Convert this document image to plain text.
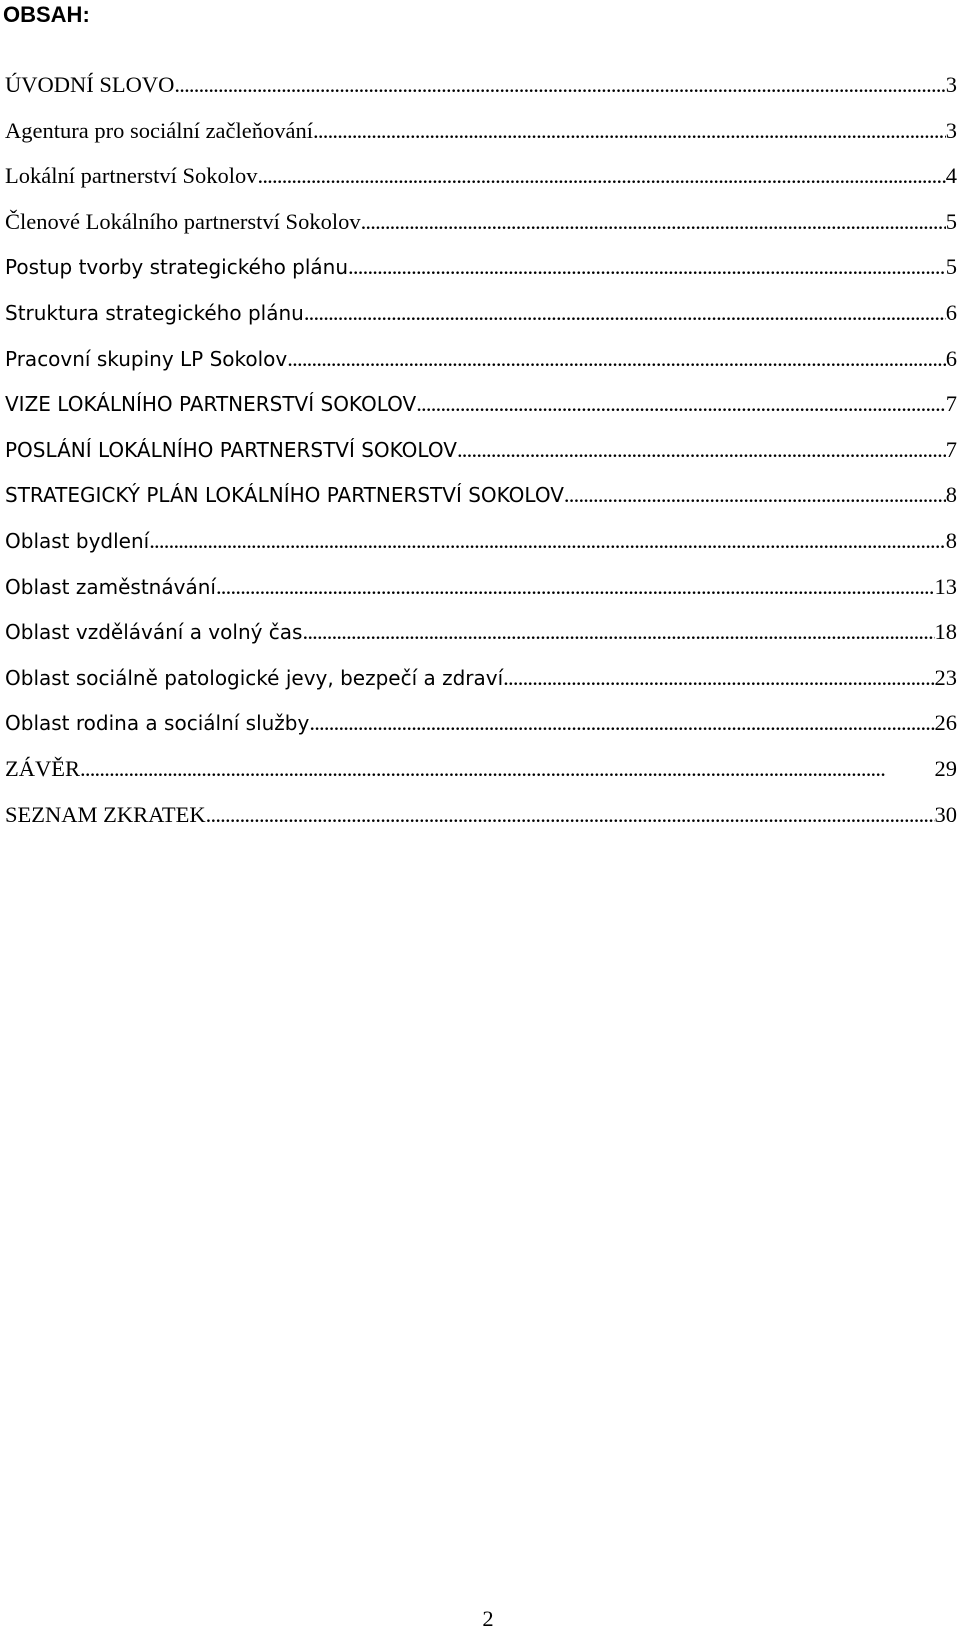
OBSAH:
ÚVODNÍ SLOVO . . .	3
Agentura pro sociální začleňování . . .	3
Lokální partnerství Sokolov . . .	4
Členové Lokálního partnerství Sokolov . . .	5
Postup tvorby strategického plánu . . .	5
Struktura strategického plánu . . .	6
Pracovní skupiny LP Sokolov . . .	6
VIZE LOKÁLNÍHO PARTNERSTVÍ SOKOLOV . . .	7
POSLÁNÍ LOKÁLNÍHO PARTNERSTVÍ SOKOLOV . . .	7
STRATEGICKÝ PLÁN LOKÁLNÍHO PARTNERSTVÍ SOKOLOV . . .	8
Oblast bydlení . . .	8
Oblast zaměstnávání . . .	13
Oblast vzdělávání a volný čas . . .	18
Oblast sociálně patologické jevy, bezpečí a zdraví . . .	23
Oblast rodina a sociální služby . . .	26
ZÁVĚR . . .	29
SEZNAM ZKRATEK . . .	30
2
